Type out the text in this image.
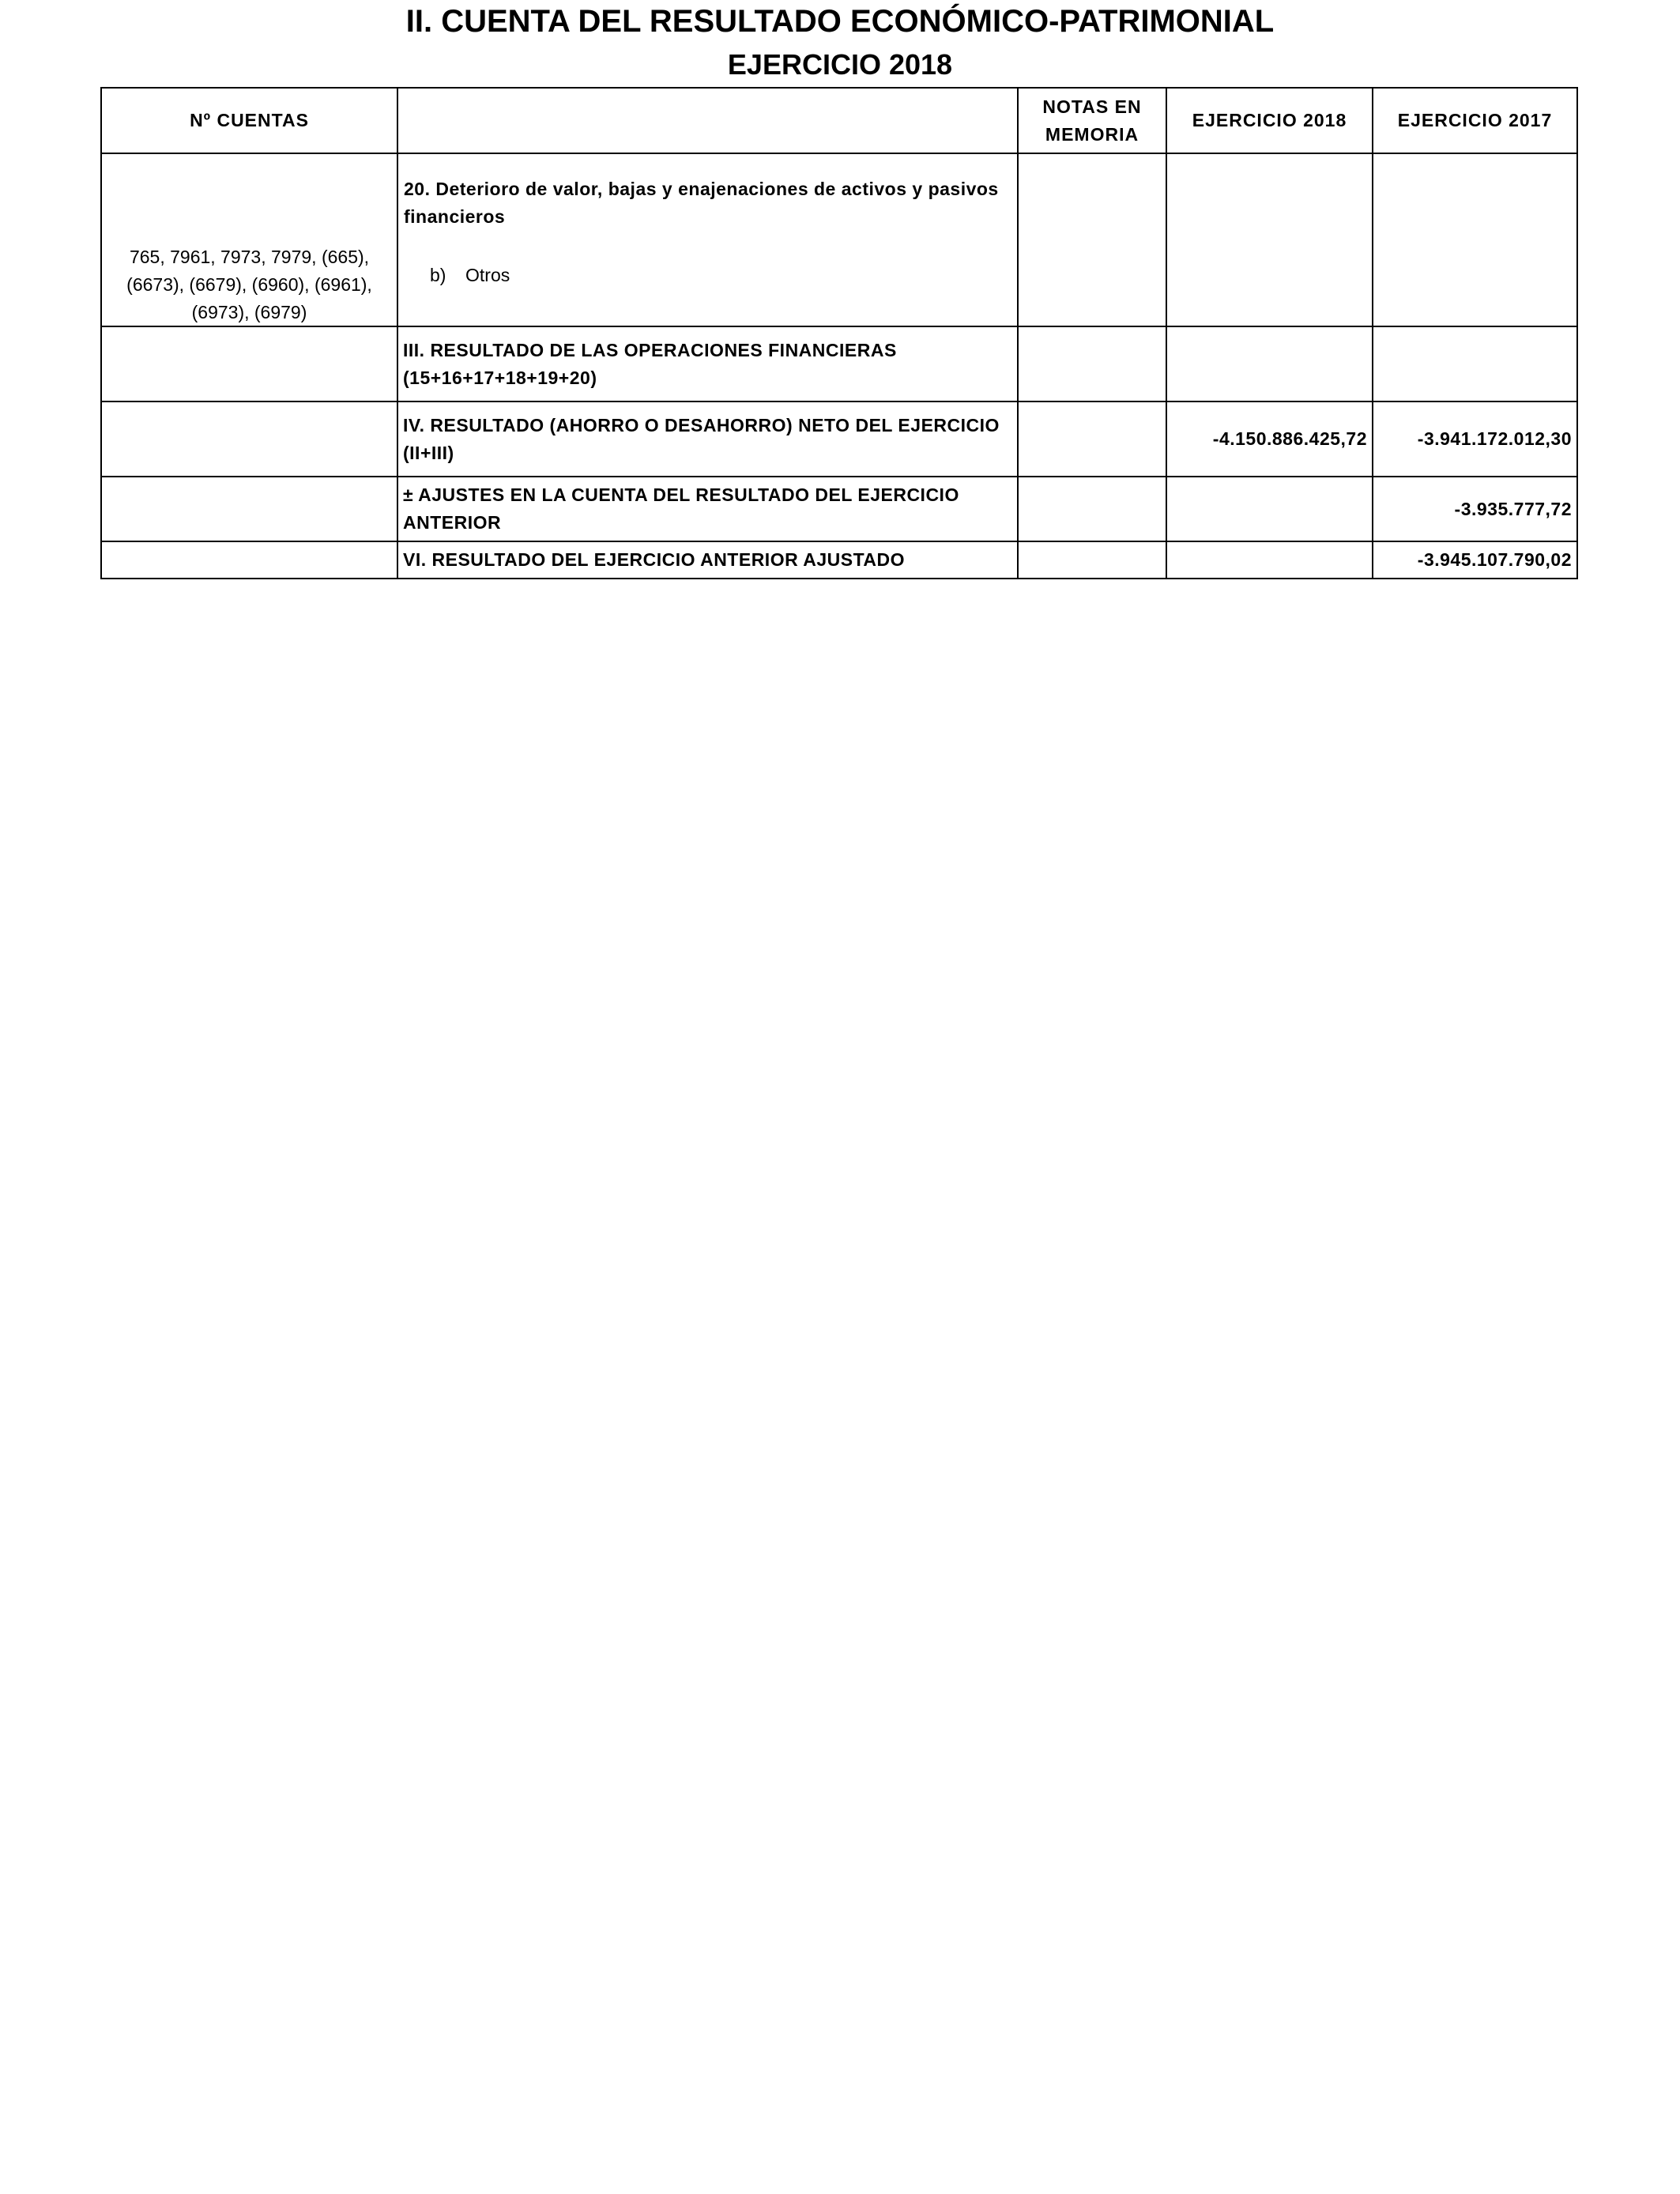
II. CUENTA DEL RESULTADO ECONÓMICO-PATRIMONIAL
EJERCICIO 2018
Nº CUENTAS		NOTAS EN MEMORIA	EJERCICIO 2018	EJERCICIO 2017

765, 7961, 7973, 7979, (665), (6673), (6679), (6960), (6961), (6973), (6979)	20. Deterioro de valor, bajas y enajenaciones de activos y pasivos financieros
b) Otros			

	III. RESULTADO DE LAS OPERACIONES FINANCIERAS (15+16+17+18+19+20)			
	IV. RESULTADO (AHORRO O DESAHORRO) NETO DEL EJERCICIO (II+III)		-4.150.886.425,72	-3.941.172.012,30
	± AJUSTES EN LA CUENTA DEL RESULTADO DEL EJERCICIO ANTERIOR			-3.935.777,72
	VI. RESULTADO DEL EJERCICIO ANTERIOR AJUSTADO			-3.945.107.790,02
